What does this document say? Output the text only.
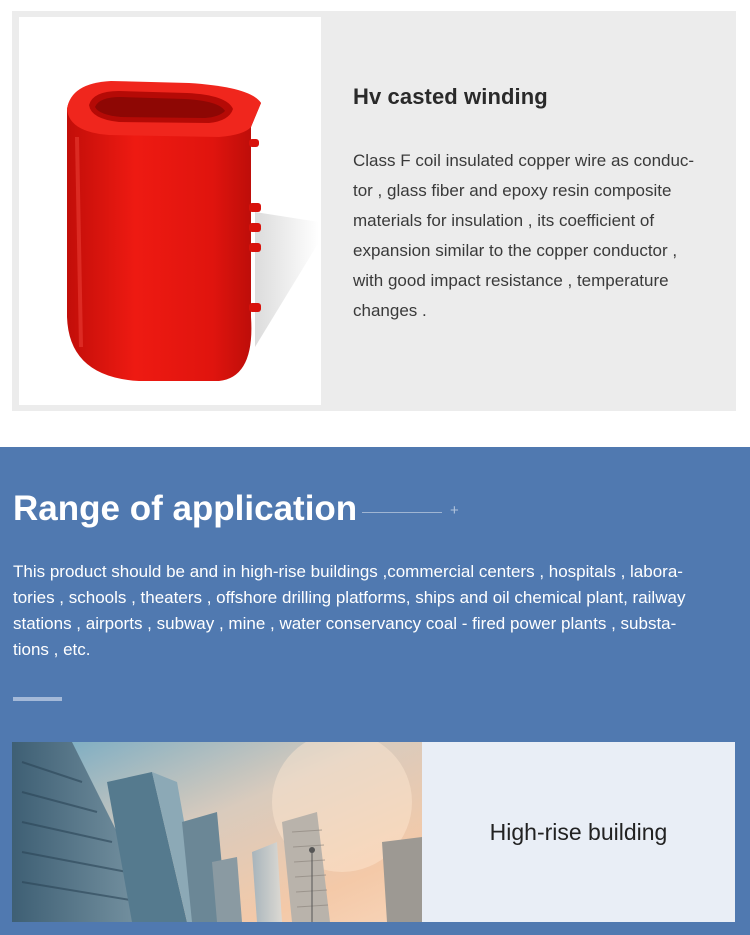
Hv casted winding

Class F coil insulated copper wire as conduc-
tor , glass fiber and epoxy resin composite
materials for insulation , its coefficient of
expansion similar to the copper conductor ,
with good impact resistance , temperature
changes .

Range of application	+

This product should be and in high-rise buildings ,commercial centers , hospitals , labora-
tories , schools , theaters , offshore drilling platforms, ships and oil chemical plant, railway
stations , airports , subway , mine , water conservancy coal - fired power plants , substa-
tions , etc.

High-rise building
